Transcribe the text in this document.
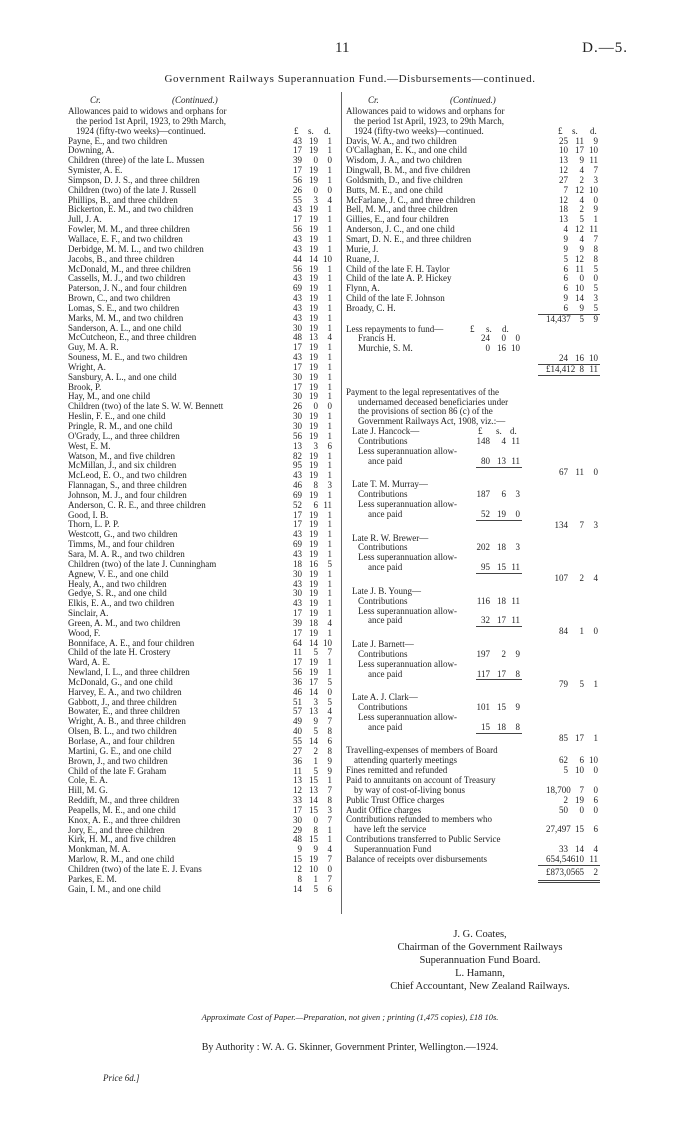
11	D.—5.
Government Railways Superannuation Fund.—Disbursements—continued.
Cr.	(Continued.)
Allowances paid to widows and orphans for
the period 1st April, 1923, to 29th March,
1924 (fifty-two weeks)—continued.	£ s. d.
Payne, E., and two children	43 19	1
Downing, A.	17 19	1
Children (three) of the late L. Mussen	39	0	0
Symister, A. E.	17 19	1
Simpson, D. J. S., and three children	56 19	1
Children (two) of the late J. Russell	26	0	0
Phillips, B., and three children	55	3	4
Bickerton, E. M., and two children	43 19	1
Jull, J. A.	17 19	1
Fowler, M. M., and three children	56 19	1
Wallace, E. F., and two children	43 19	1
Derbidge, M. M. L., and two children	43 19	1
Jacobs, B., and three children	44 14 10
McDonald, M., and three children	56 19	1
Cassells, M. J., and two children	43 19	1
Paterson, J. N., and four children	69 19	1
Brown, C., and two children	43 19	1
Lomas, S. E., and two children	43 19	1
Marks, M. M., and two children	43 19	1
Sanderson, A. L., and one child	30 19	1
McCutcheon, E., and three children	48 13	4
Guy, M. A. R.	17 19	1
Souness, M. E., and two children	43 19	1
Wright, A.	17 19	1
Sansbury, A. L., and one child	30 19	1
Brook, P.	17 19	1
Hay, M., and one child	30 19	1
Children (two) of the late S. W. W. Bennett	26	0	0
Heslin, F. E., and one child	30 19	1
Pringle, R. M., and one child	30 19	1
O'Grady, L., and three children	56 19	1
West, E. M.	13	3	6
Watson, M., and five children	82 19	1
McMillan, J., and six children	95 19	1
McLeod, E. O., and two children	43 19	1
Flannagan, S., and three children	46	8	3
Johnson, M. J., and four children	69 19	1
Anderson, C. R. E., and three children	52	6 11
Good, I. B.	17 19	1
Thorn, L. P. P.	17 19	1
Westcott, G., and two children	43 19	1
Timms, M., and four children	69 19	1
Sara, M. A. R., and two children	43 19	1
Children (two) of the late J. Cunningham	18 16	5
Agnew, V. E., and one child	30 19	1
Healy, A., and two children	43 19	1
Gedye, S. R., and one child	30 19	1
Elkis, E. A., and two children	43 19	1
Sinclair, A.	17 19	1
Green, A. M., and two children	39 18	4
Wood, F.	17 19	1
Bonniface, A. E., and four children	64 14 10
Child of the late H. Crostery	11	5	7
Ward, A. E.	17 19	1
Newland, I. L., and three children	56 19	1
McDonald, G., and one child	36 17	5
Harvey, E. A., and two children	46 14	0
Gabbott, J., and three children	51	3	5
Bowater, E., and three children	57 13	4
Wright, A. B., and three children	49	9	7
Olsen, B. L., and two children	40	5	8
Borlase, A., and four children	55 14	6
Martini, G. E., and one child	27	2	8
Brown, J., and two children	36	1	9
Child of the late F. Graham	11	5	9
Cole, E. A.	13 15	1
Hill, M. G.	12 13	7
Reddift, M., and three children	33 14	8
Peapells, M. E., and one child	17 15	3
Knox, A. E., and three children	30	0	7
Jory, E., and three children	29	8	1
Kirk, H. M., and five children	48 15	1
Monkman, M. A.	9	9	4
Marlow, R. M., and one child	15 19	7
Children (two) of the late E. J. Evans	12 10	0
Parkes, E. M.	8	1	7
Gain, I. M., and one child	14	5	6
Cr.	(Continued.)
Allowances paid to widows and orphans for
the period 1st April, 1923, to 29th March,
1924 (fifty-two weeks)—continued.	£ s. d.
Davis, W. A., and two children	25 11	9
O'Callaghan, E. K., and one child	10 17 10
Wisdom, J. A., and two children	13	9 11
Dingwall, B. M., and five children	12	4	7
Goldsmith, D., and five children	27	2	3
Butts, M. E., and one child	7 12 10
McFarlane, J. C., and three children	12	4	0
Bell, M. M., and three children	18	2	9
Gillies, E., and four children	13	5	1
Anderson, J. C., and one child	4 12 11
Smart, D. N. E., and three children	9	4	7
Murie, J.	9	9	8
Ruane, J.	5 12	8
Child of the late F. H. Taylor	6 11	5
Child of the late A. P. Hickey	6	0	0
Flynn, A.	6 10	5
Child of the late F. Johnson	9 14	3
Broady, C. H.	6	9	5
14,437 5	9
Less repayments to fund—	£ s. d.
Francis H.	24	0	0
Murchie, S. M.	0 16 10
24 16 10
£14,412 8 11
Payment to the legal representatives of the
undernamed deceased beneficiaries under
the provisions of section 86 (c) of the
Government Railways Act, 1908, viz.:—
£ s. d.
Late J. Hancock—
Contributions	148	4 11
Less superannuation allow-
ance paid	80 13 11
67 11	0
Late T. M. Murray—
Contributions	187	6	3
Less superannuation allow-
ance paid	52 19	0
134	7	3
Late R. W. Brewer—
Contributions	202 18	3
Less superannuation allow-
ance paid	95 15 11
107	2	4
Late J. B. Young—
Contributions	116 18 11
Less superannuation allow-
ance paid	32 17 11
84	1	0
Late J. Barnett—
Contributions	197	2	9
Less superannuation allow-
ance paid	117 17	8
79	5	1
Late A. J. Clark—
Contributions	101 15	9
Less superannuation allow-
ance paid	15 18	8
85 17	1
Travelling-expenses of members of Board
attending quarterly meetings	62	6 10
Fines remitted and refunded	5 10	0
Paid to annuitants on account of Treasury
by way of cost-of-living bonus	18,700 7	0
Public Trust Office charges	2 19	6
Audit Office charges	50	0	0
Contributions refunded to members who
have left the service	27,497 15	6
Contributions transferred to Public Service
Superannuation Fund	33 14	4
Balance of receipts over disbursements	654,546 10 11
£873,056 5	2
J. G. Coates,
Chairman of the Government Railways
Superannuation Fund Board.
L. Hamann,
Chief Accountant, New Zealand Railways.
Approximate Cost of Paper.—Preparation, not given ; printing (1,475 copies), £18 10s.
By Authority : W. A. G. Skinner, Government Printer, Wellington.—1924.
Price 6d.]
